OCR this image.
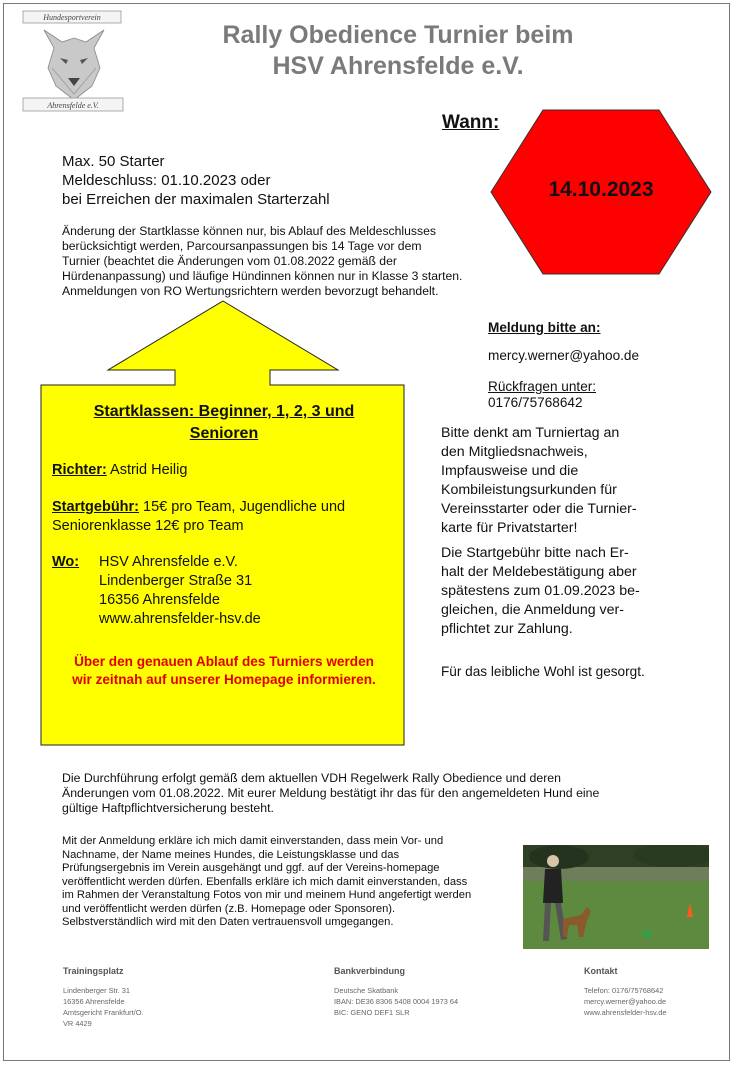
Hundesportverein
Ahrensfelde e.V.
Rally Obedience Turnier beim
HSV Ahrensfelde e.V.
Wann:
14.10.2023
Max. 50 Starter
Meldeschluss: 01.10.2023 oder
bei Erreichen der maximalen Starterzahl
Änderung der Startklasse können nur, bis Ablauf des Meldeschlusses
berücksichtigt werden, Parcoursanpassungen bis 14 Tage vor dem
Turnier (beachtet die Änderungen vom 01.08.2022 gemäß der
Hürdenanpassung) und läufige Hündinnen können nur in Klasse 3 starten.
Anmeldungen von RO Wertungsrichtern werden bevorzugt behandelt.
Startklassen: Beginner, 1, 2, 3 und
Senioren
Richter: Astrid Heilig
Startgebühr: 15€ pro Team, Jugendliche und
Seniorenklasse 12€ pro Team
Wo: HSV Ahrensfelde e.V.
Lindenberger Straße 31
16356 Ahrensfelde
www.ahrensfelder-hsv.de
Über den genauen Ablauf des Turniers werden
wir zeitnah auf unserer Homepage informieren.
Meldung bitte an:
mercy.werner@yahoo.de
Rückfragen unter:
0176/75768642
Bitte denkt am Turniertag an
den Mitgliedsnachweis,
Impfausweise und die
Kombileistungsurkunden für
Vereinsstarter oder die Turnier-
karte für Privatstarter!
Die Startgebühr bitte nach Er-
halt der Meldebestätigung aber
spätestens zum 01.09.2023 be-
gleichen, die Anmeldung ver-
pflichtet zur Zahlung.
Für das leibliche Wohl ist gesorgt.
Die Durchführung erfolgt gemäß dem aktuellen VDH Regelwerk Rally Obedience und deren
Änderungen vom 01.08.2022. Mit eurer Meldung bestätigt ihr das für den angemeldeten Hund eine
gültige Haftpflichtversicherung besteht.
Mit der Anmeldung erkläre ich mich damit einverstanden, dass mein Vor- und
Nachname, der Name meines Hundes, die Leistungsklasse und das
Prüfungsergebnis im Verein ausgehängt und ggf. auf der Vereins-homepage
veröffentlicht werden dürfen. Ebenfalls erkläre ich mich damit einverstanden, dass
im Rahmen der Veranstaltung Fotos von mir und meinem Hund angefertigt werden
und veröffentlicht werden dürfen (z.B. Homepage oder Sponsoren).
Selbstverständlich wird mit den Daten vertrauensvoll umgegangen.
Trainingsplatz
Lindenberger Str. 31
16356 Ahrensfelde
Amtsgericht Frankfurt/O.
VR 4429
Bankverbindung
Deutsche Skatbank
IBAN: DE36 8306 5408 0004 1973 64
BIC: GENO DEF1 SLR
Kontakt
Telefon: 0176/75768642
mercy.werner@yahoo.de
www.ahrensfelder-hsv.de
